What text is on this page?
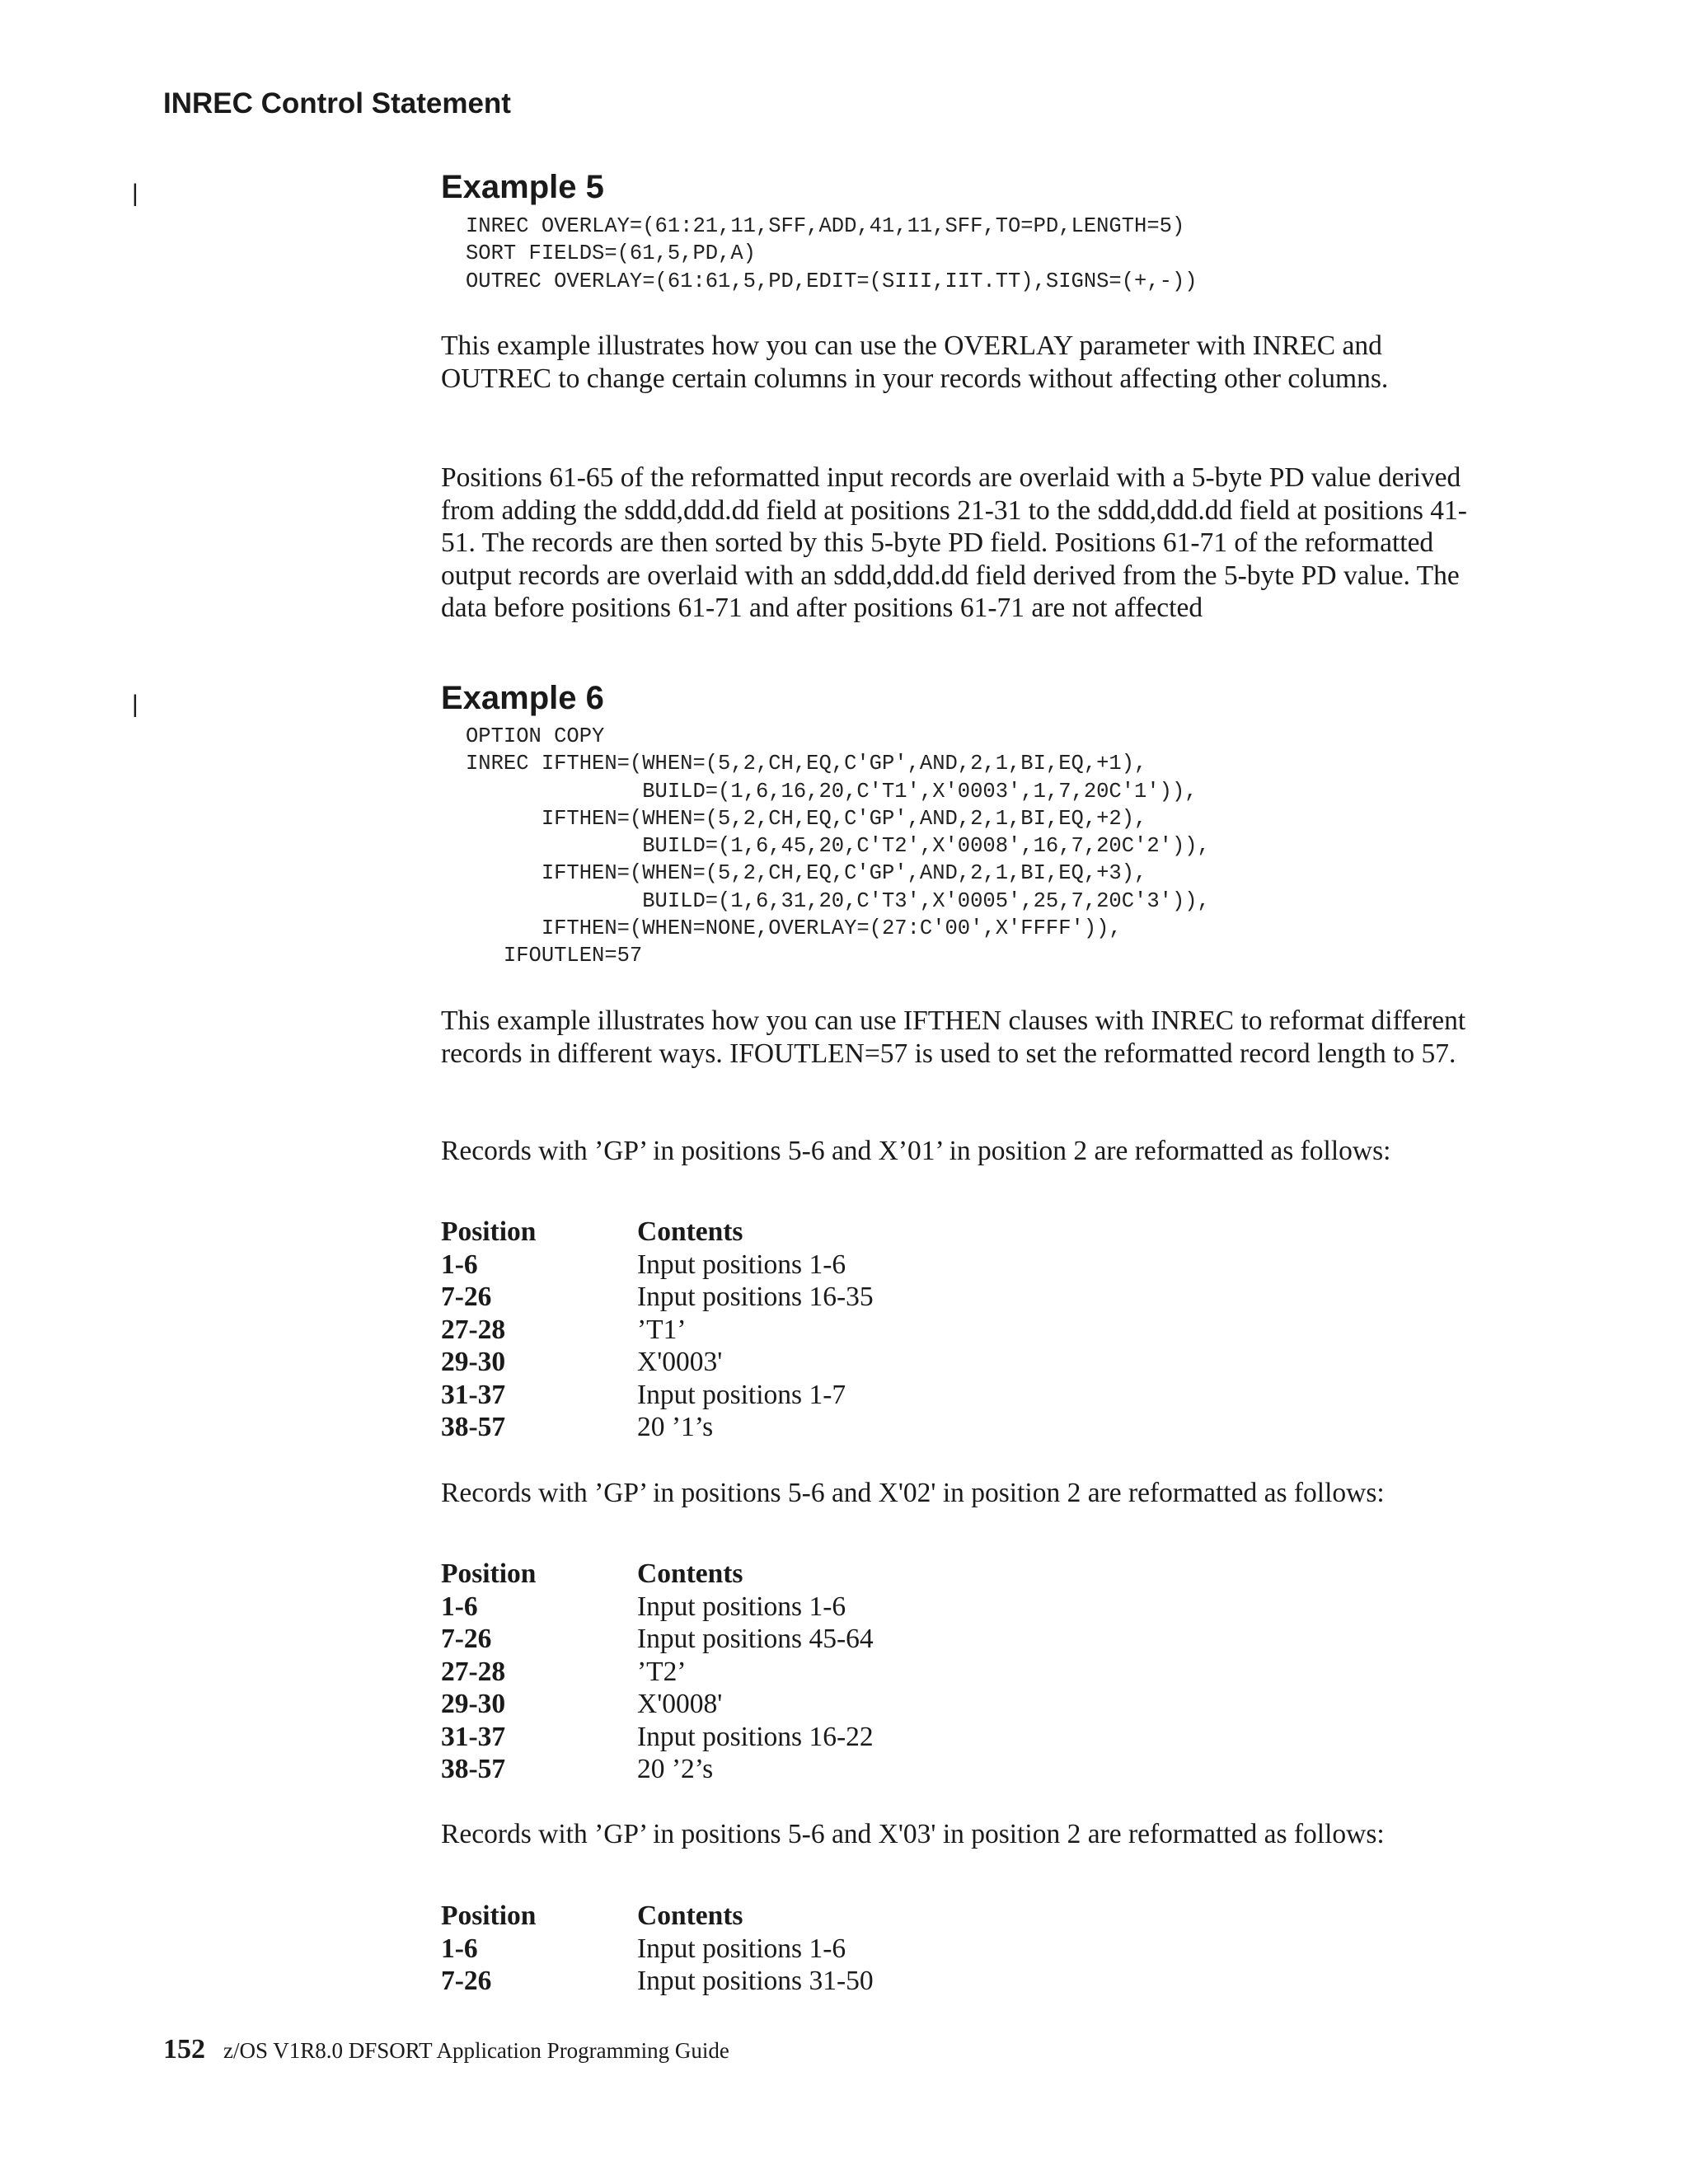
INREC Control Statement
|
|
Example 5
INREC OVERLAY=(61:21,11,SFF,ADD,41,11,SFF,TO=PD,LENGTH=5)
SORT FIELDS=(61,5,PD,A)
OUTREC OVERLAY=(61:61,5,PD,EDIT=(SIII,IIT.TT),SIGNS=(+,-))

This example illustrates how you can use the OVERLAY parameter with INREC and OUTREC to change certain columns in your records without affecting other columns.

Positions 61-65 of the reformatted input records are overlaid with a 5-byte PD value derived from adding the sddd,ddd.dd field at positions 21-31 to the sddd,ddd.dd field at positions 41-51. The records are then sorted by this 5-byte PD field. Positions 61-71 of the reformatted output records are overlaid with an sddd,ddd.dd field derived from the 5-byte PD value. The data before positions 61-71 and after positions 61-71 are not affected

Example 6
OPTION COPY
INREC IFTHEN=(WHEN=(5,2,CH,EQ,C'GP',AND,2,1,BI,EQ,+1),
BUILD=(1,6,16,20,C'T1',X'0003',1,7,20C'1')),
IFTHEN=(WHEN=(5,2,CH,EQ,C'GP',AND,2,1,BI,EQ,+2),
BUILD=(1,6,45,20,C'T2',X'0008',16,7,20C'2')),
IFTHEN=(WHEN=(5,2,CH,EQ,C'GP',AND,2,1,BI,EQ,+3),
BUILD=(1,6,31,20,C'T3',X'0005',25,7,20C'3')),
IFTHEN=(WHEN=NONE,OVERLAY=(27:C'00',X'FFFF')),
IFOUTLEN=57

This example illustrates how you can use IFTHEN clauses with INREC to reformat different records in different ways. IFOUTLEN=57 is used to set the reformatted record length to 57.

Records with ’GP’ in positions 5-6 and X’01’ in position 2 are reformatted as follows:

Position	Contents
1-6	Input positions 1-6
7-26	Input positions 16-35
27-28	’T1’
29-30	X'0003'
31-37	Input positions 1-7
38-57	20 ’1’s

Records with ’GP’ in positions 5-6 and X'02' in position 2 are reformatted as follows:

Position	Contents
1-6	Input positions 1-6
7-26	Input positions 45-64
27-28	’T2’
29-30	X'0008'
31-37	Input positions 16-22
38-57	20 ’2’s

Records with ’GP’ in positions 5-6 and X'03' in position 2 are reformatted as follows:

Position	Contents
1-6	Input positions 1-6
7-26	Input positions 31-50
152 z/OS V1R8.0 DFSORT Application Programming Guide
